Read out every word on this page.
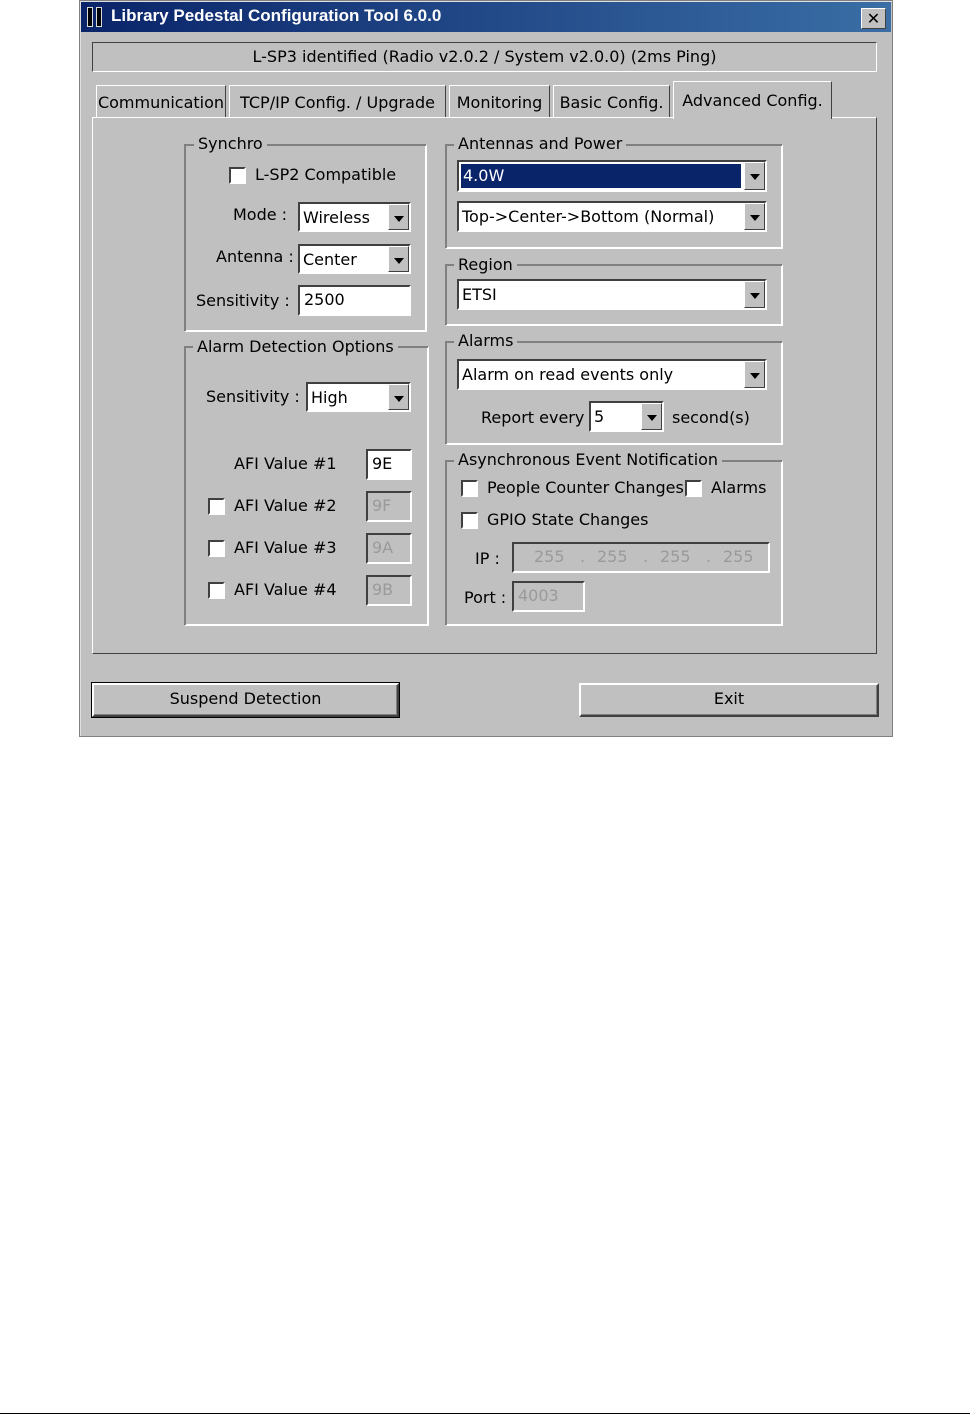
Library Pedestal Configuration Tool 6.0.0	✕
L-SP3 identified (Radio v2.0.2 / System v2.0.0) (2ms Ping)
Communication	TCP/IP Config. / Upgrade	Monitoring	Basic Config.	Advanced Config.
Synchro
L-SP2 Compatible
Mode : Wireless
Antenna : Center
Sensitivity : 2500
Alarm Detection Options
Sensitivity : High
AFI Value #1	9E
AFI Value #2	9F
AFI Value #3	9A
AFI Value #4	9B
Antennas and Power
4.0W
Top->Center->Bottom (Normal)
Region
ETSI
Alarms
Alarm on read events only
Report every 5	second(s)
Asynchronous Event Notification
People Counter Changes Alarms
GPIO State Changes
IP : 255 . 255 . 255 . 255
Port : 4003
Suspend Detection	Exit
